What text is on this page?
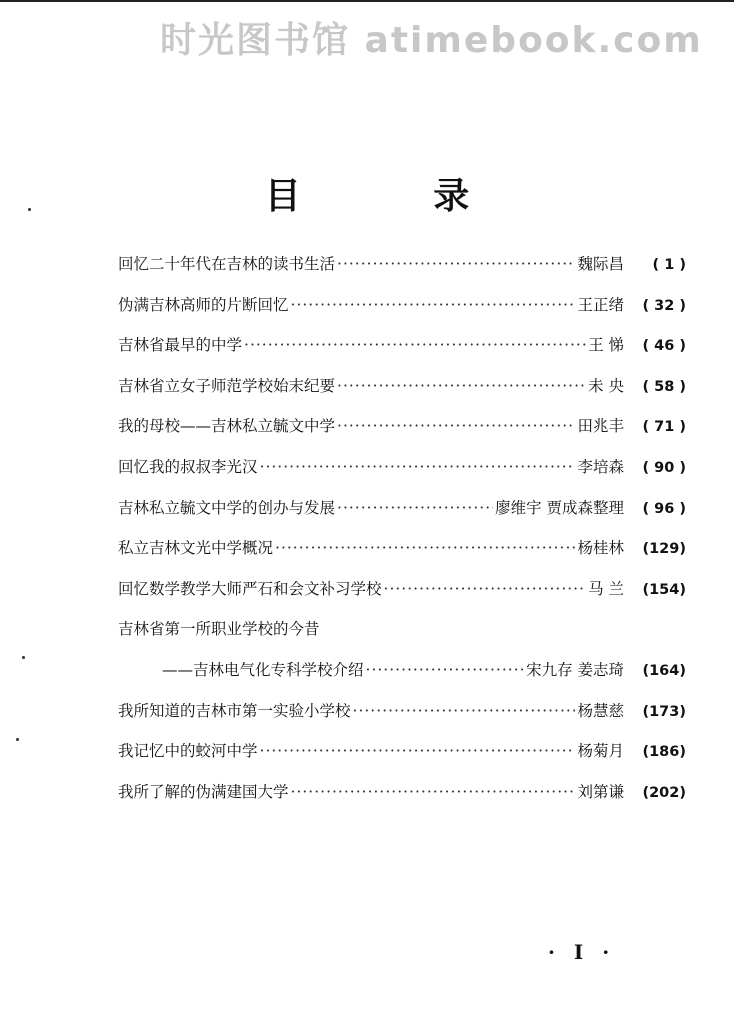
时光图书馆 atimebook.com
目 录
回忆二十年代在吉林的读书生活 ·····	魏际昌	( 1 )
伪满吉林高师的片断回忆 ·····	王正绪	( 32 )
吉林省最早的中学 ·····	王 悌	( 46 )
吉林省立女子师范学校始末纪要 ·····	未 央	( 58 )
我的母校——吉林私立毓文中学 ·····	田兆丰	( 71 )
回忆我的叔叔李光汉 ·····	李培森	( 90 )
吉林私立毓文中学的创办与发展 ·····	廖维宇 贾成森整理	( 96 )
私立吉林文光中学概况 ·····	杨桂林	(129)
回忆数学教学大师严石和会文补习学校 ·····	马 兰	(154)
吉林省第一所职业学校的今昔
——吉林电气化专科学校介绍 ·····	宋九存 姜志琦	(164)
我所知道的吉林市第一实验小学校 ·····	杨慧慈	(173)
我记忆中的蛟河中学 ·····	杨菊月	(186)
我所了解的伪满建国大学 ·····	刘第谦	(202)
· I ·
